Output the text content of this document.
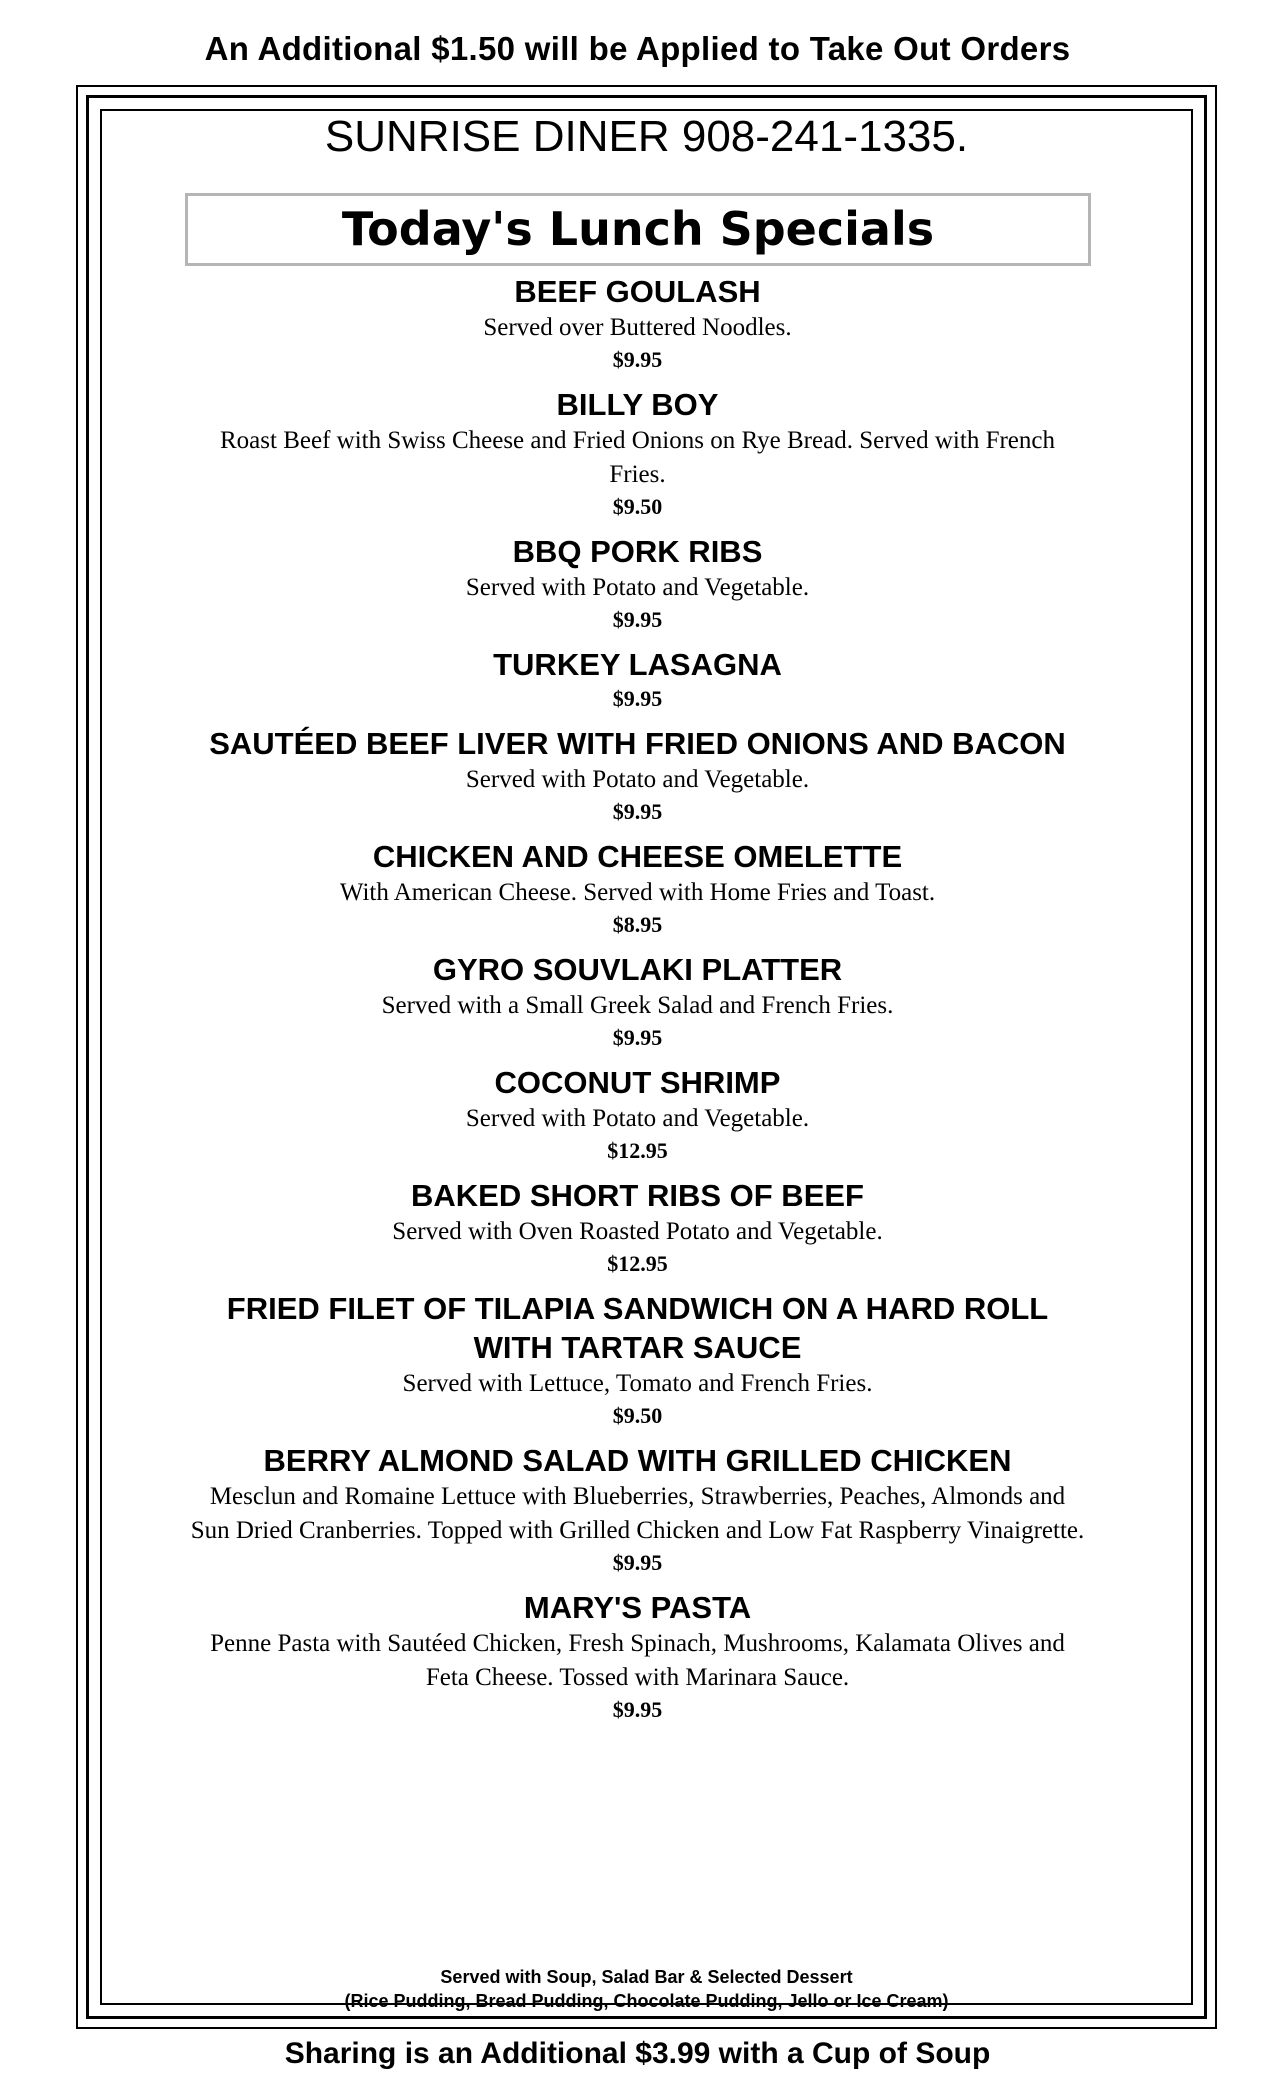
An Additional $1.50 will be Applied to Take Out Orders
SUNRISE DINER 908-241-1335.
Today's Lunch Specials
BEEF GOULASH
Served over Buttered Noodles.
$9.95
BILLY BOY
Roast Beef with Swiss Cheese and Fried Onions on Rye Bread. Served with French Fries.
$9.50
BBQ PORK RIBS
Served with Potato and Vegetable.
$9.95
TURKEY LASAGNA
$9.95
SAUTÉED BEEF LIVER WITH FRIED ONIONS AND BACON
Served with Potato and Vegetable.
$9.95
CHICKEN AND CHEESE OMELETTE
With American Cheese. Served with Home Fries and Toast.
$8.95
GYRO SOUVLAKI PLATTER
Served with a Small Greek Salad and French Fries.
$9.95
COCONUT SHRIMP
Served with Potato and Vegetable.
$12.95
BAKED SHORT RIBS OF BEEF
Served with Oven Roasted Potato and Vegetable.
$12.95
FRIED FILET OF TILAPIA SANDWICH ON A HARD ROLL WITH TARTAR SAUCE
Served with Lettuce, Tomato and French Fries.
$9.50
BERRY ALMOND SALAD WITH GRILLED CHICKEN
Mesclun and Romaine Lettuce with Blueberries, Strawberries, Peaches, Almonds and Sun Dried Cranberries. Topped with Grilled Chicken and Low Fat Raspberry Vinaigrette.
$9.95
MARY'S PASTA
Penne Pasta with Sautéed Chicken, Fresh Spinach, Mushrooms, Kalamata Olives and Feta Cheese. Tossed with Marinara Sauce.
$9.95
Served with Soup, Salad Bar & Selected Dessert
(Rice Pudding, Bread Pudding, Chocolate Pudding, Jello or Ice Cream)
Sharing is an Additional $3.99 with a Cup of Soup
